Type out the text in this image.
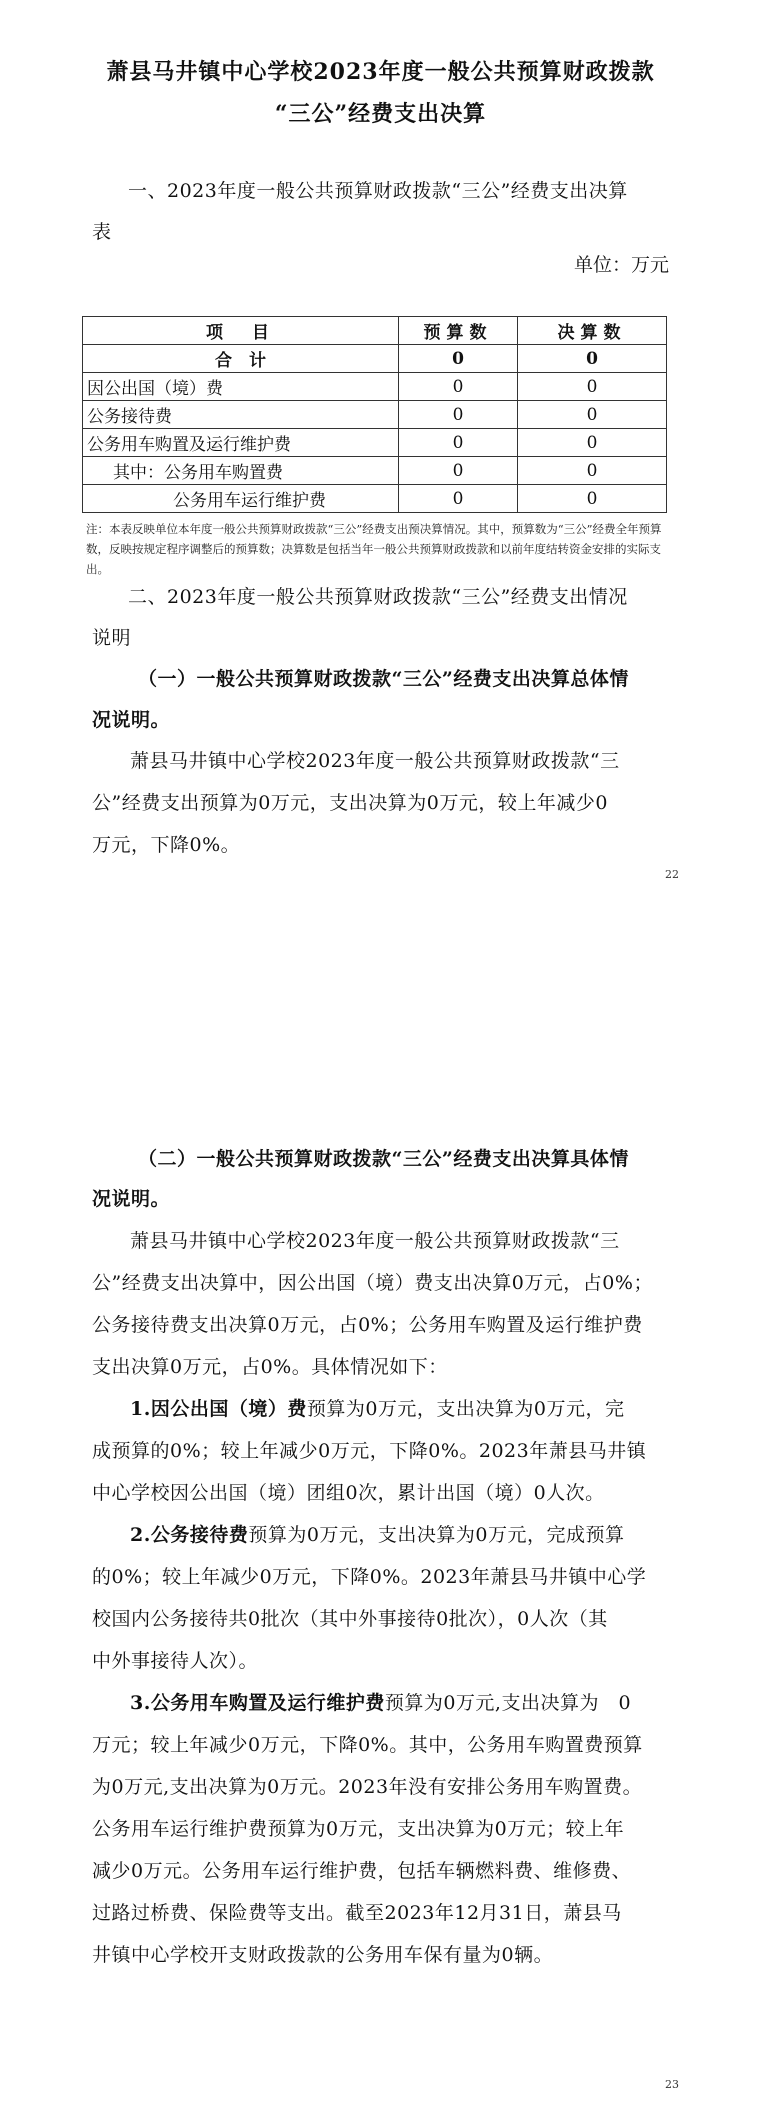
萧县马井镇中心学校2023年度一般公共预算财政拨款
“三公”经费支出决算
一、2023年度一般公共预算财政拨款“三公”经费支出决算
表
单位：万元
项　目	预算数	决算数
合　计	0	0
因公出国（境）费	0	0
公务接待费	0	0
公务用车购置及运行维护费	0	0
其中：公务用车购置费	0	0
公务用车运行维护费	0	0
注：本表反映单位本年度一般公共预算财政拨款“三公”经费支出预决算情况。其中，预算数为“三公”经费全年预算数，反映按规定程序调整后的预算数；决算数是包括当年一般公共预算财政拨款和以前年度结转资金安排的实际支出。
二、2023年度一般公共预算财政拨款“三公”经费支出情况
说明
（一）一般公共预算财政拨款“三公”经费支出决算总体情
况说明。
萧县马井镇中心学校2023年度一般公共预算财政拨款“三
公”经费支出预算为0万元，支出决算为0万元，较上年减少0
万元，下降0%。
22
（二）一般公共预算财政拨款“三公”经费支出决算具体情
况说明。
萧县马井镇中心学校2023年度一般公共预算财政拨款“三
公”经费支出决算中，因公出国（境）费支出决算0万元，占0%；
公务接待费支出决算0万元，占0%；公务用车购置及运行维护费
支出决算0万元，占0%。具体情况如下：
1.因公出国（境）费预算为0万元，支出决算为0万元，完
成预算的0%；较上年减少0万元，下降0%。2023年萧县马井镇
中心学校因公出国（境）团组0次，累计出国（境）0人次。
2.公务接待费预算为0万元，支出决算为0万元，完成预算
的0%；较上年减少0万元，下降0%。2023年萧县马井镇中心学
校国内公务接待共0批次（其中外事接待0批次），0人次（其
中外事接待人次）。
3.公务用车购置及运行维护费预算为0万元,支出决算为　0
万元；较上年减少0万元，下降0%。其中，公务用车购置费预算
为0万元,支出决算为0万元。2023年没有安排公务用车购置费。
公务用车运行维护费预算为0万元，支出决算为0万元；较上年
减少0万元。公务用车运行维护费，包括车辆燃料费、维修费、
过路过桥费、保险费等支出。截至2023年12月31日，萧县马
井镇中心学校开支财政拨款的公务用车保有量为0辆。
23
